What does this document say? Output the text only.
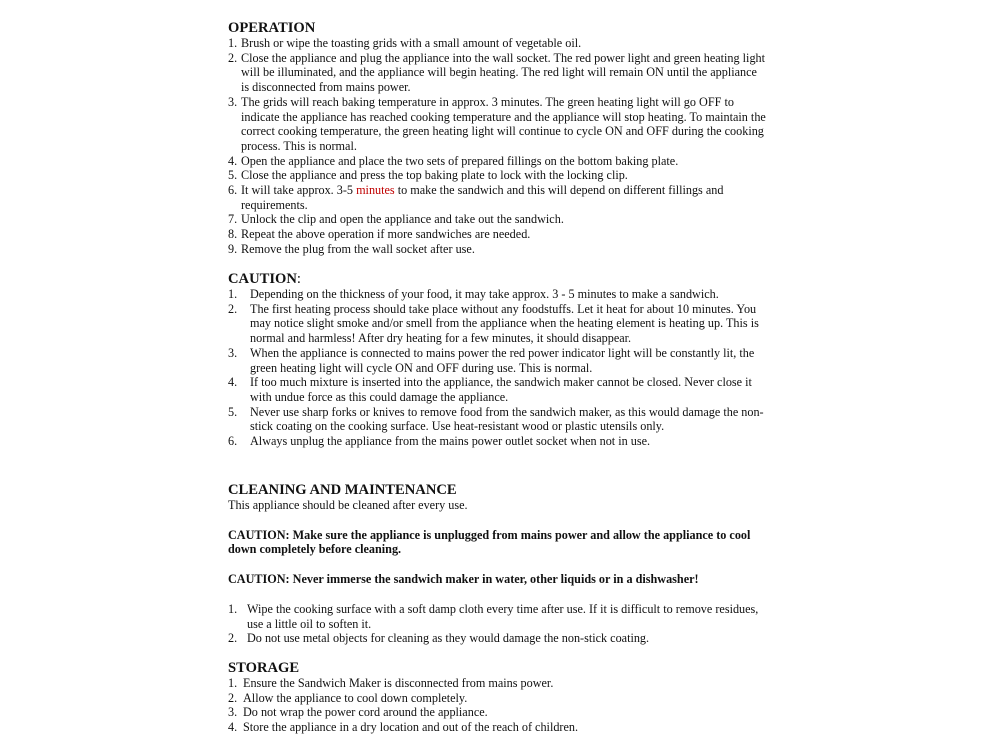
OPERATION
1. Brush or wipe the toasting grids with a small amount of vegetable oil.
2. Close the appliance and plug the appliance into the wall socket. The red power light and green heating light will be illuminated, and the appliance will begin heating. The red light will remain ON until the appliance is disconnected from mains power.
3. The grids will reach baking temperature in approx. 3 minutes. The green heating light will go OFF to indicate the appliance has reached cooking temperature and the appliance will stop heating. To maintain the correct cooking temperature, the green heating light will continue to cycle ON and OFF during the cooking process. This is normal.
4. Open the appliance and place the two sets of prepared fillings on the bottom baking plate.
5. Close the appliance and press the top baking plate to lock with the locking clip.
6. It will take approx. 3-5 minutes to make the sandwich and this will depend on different fillings and requirements.
7. Unlock the clip and open the appliance and take out the sandwich.
8. Repeat the above operation if more sandwiches are needed.
9. Remove the plug from the wall socket after use.
CAUTION:
1. Depending on the thickness of your food, it may take approx. 3 - 5 minutes to make a sandwich.
2. The first heating process should take place without any foodstuffs. Let it heat for about 10 minutes. You may notice slight smoke and/or smell from the appliance when the heating element is heating up. This is normal and harmless! After dry heating for a few minutes, it should disappear.
3. When the appliance is connected to mains power the red power indicator light will be constantly lit, the green heating light will cycle ON and OFF during use. This is normal.
4. If too much mixture is inserted into the appliance, the sandwich maker cannot be closed. Never close it with undue force as this could damage the appliance.
5. Never use sharp forks or knives to remove food from the sandwich maker, as this would damage the non-stick coating on the cooking surface. Use heat-resistant wood or plastic utensils only.
6. Always unplug the appliance from the mains power outlet socket when not in use.
CLEANING AND MAINTENANCE

This appliance should be cleaned after every use.

CAUTION: Make sure the appliance is unplugged from mains power and allow the appliance to cool down completely before cleaning.

CAUTION: Never immerse the sandwich maker in water, other liquids or in a dishwasher!

1. Wipe the cooking surface with a soft damp cloth every time after use. If it is difficult to remove residues, use a little oil to soften it.
2. Do not use metal objects for cleaning as they would damage the non-stick coating.
STORAGE
1. Ensure the Sandwich Maker is disconnected from mains power.
2. Allow the appliance to cool down completely.
3. Do not wrap the power cord around the appliance.
4. Store the appliance in a dry location and out of the reach of children.
